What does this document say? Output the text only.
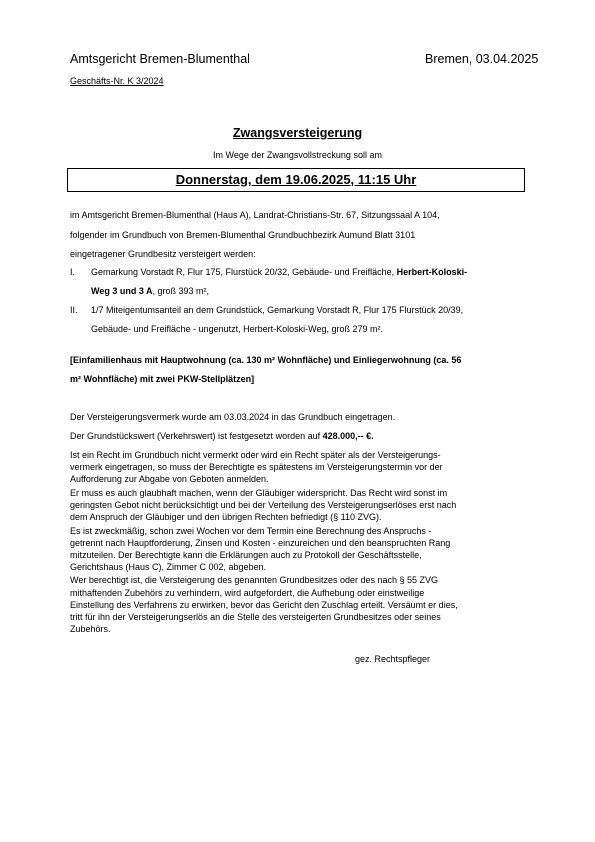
Amtsgericht Bremen-Blumenthal	Bremen, 03.04.2025
Geschäfts-Nr. K 3/2024
Zwangsversteigerung
Im Wege der Zwangsvollstreckung soll am
Donnerstag, dem 19.06.2025, 11:15 Uhr
im Amtsgericht Bremen-Blumenthal (Haus A), Landrat-Christians-Str. 67, Sitzungssaal A 104,
folgender im Grundbuch von Bremen-Blumenthal Grundbuchbezirk Aumund Blatt 3101
eingetragener Grundbesitz versteigert werden:
I. Gemarkung Vorstadt R, Flur 175, Flurstück 20/32, Gebäude- und Freifläche, Herbert-Koloski-
Weg 3 und 3 A, groß 393 m²,
II. 1/7 Miteigentumsanteil an dem Grundstück, Gemarkung Vorstadt R, Flur 175 Flurstück 20/39,
Gebäude- und Freifläche - ungenutzt, Herbert-Koloski-Weg, groß 279 m².
[Einfamilienhaus mit Hauptwohnung (ca. 130 m² Wohnfläche) und Einliegerwohnung (ca. 56
m² Wohnfläche) mit zwei PKW-Stellplätzen]
Der Versteigerungsvermerk wurde am 03.03.2024 in das Grundbuch eingetragen.
Der Grundstückswert (Verkehrswert) ist festgesetzt worden auf 428.000,-- €.
Ist ein Recht im Grundbuch nicht vermerkt oder wird ein Recht später als der Versteigerungs-
vermerk eingetragen, so muss der Berechtigte es spätestens im Versteigerungstermin vor der
Aufforderung zur Abgabe von Geboten anmelden.
Er muss es auch glaubhaft machen, wenn der Gläubiger widerspricht. Das Recht wird sonst im
geringsten Gebot nicht berücksichtigt und bei der Verteilung des Versteigerungserlöses erst nach
dem Anspruch der Gläubiger und den übrigen Rechten befriedigt (§ 110 ZVG).
Es ist zweckmäßig, schon zwei Wochen vor dem Termin eine Berechnung des Anspruchs -
getrennt nach Hauptforderung, Zinsen und Kosten - einzureichen und den beanspruchten Rang
mitzuteilen. Der Berechtigte kann die Erklärungen auch zu Protokoll der Geschäftsstelle,
Gerichtshaus (Haus C), Zimmer C 002, abgeben.
Wer berechtigt ist, die Versteigerung des genannten Grundbesitzes oder des nach § 55 ZVG
mithaftenden Zubehörs zu verhindern, wird aufgefordert, die Aufhebung oder einstweilige
Einstellung des Verfahrens zu erwirken, bevor das Gericht den Zuschlag erteilt. Versäumt er dies,
tritt für ihn der Versteigerungserlös an die Stelle des versteigerten Grundbesitzes oder seines
Zubehörs.
gez. Rechtspfleger
